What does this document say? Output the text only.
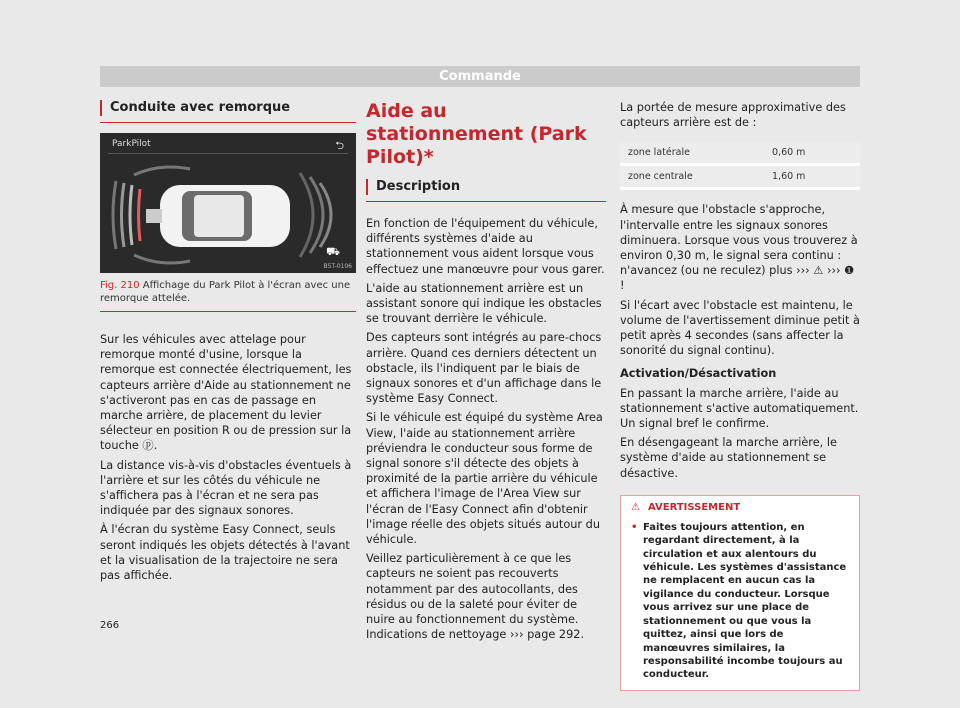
Commande
Conduite avec remorque
ParkPilot	⮌
⛟
B5T-0106
Fig. 210 Affichage du Park Pilot à l'écran avec une remorque attelée.

Sur les véhicules avec attelage pour remorque monté d'usine, lorsque la remorque est connectée électriquement, les capteurs arrière d'Aide au stationnement ne s'activeront pas en cas de passage en marche arrière, de placement du levier sélecteur en position R ou de pression sur la touche ⓟ.

La distance vis-à-vis d'obstacles éventuels à l'arrière et sur les côtés du véhicule ne s'affichera pas à l'écran et ne sera pas indiquée par des signaux sonores.

À l'écran du système Easy Connect, seuls seront indiqués les objets détectés à l'avant et la visualisation de la trajectoire ne sera pas affichée.

Aide au stationnement (Park Pilot)*
Description

En fonction de l'équipement du véhicule, différents systèmes d'aide au stationnement vous aident lorsque vous effectuez une manœuvre pour vous garer.

L'aide au stationnement arrière est un assistant sonore qui indique les obstacles se trouvant derrière le véhicule.

Des capteurs sont intégrés au pare-chocs arrière. Quand ces derniers détectent un obstacle, ils l'indiquent par le biais de signaux sonores et d'un affichage dans le système Easy Connect.

Si le véhicule est équipé du système Area View, l'aide au stationnement arrière préviendra le conducteur sous forme de signal sonore s'il détecte des objets à proximité de la partie arrière du véhicule et affichera l'image de l'Area View sur l'écran de l'Easy Connect afin d'obtenir l'image réelle des objets situés autour du véhicule.

Veillez particulièrement à ce que les capteurs ne soient pas recouverts notamment par des autocollants, des résidus ou de la saleté pour éviter de nuire au fonctionnement du système. Indications de nettoyage ››› page 292.

La portée de mesure approximative des capteurs arrière est de :

zone latérale	0,60 m
zone centrale	1,60 m

À mesure que l'obstacle s'approche, l'intervalle entre les signaux sonores diminuera. Lorsque vous vous trouverez à environ 0,30 m, le signal sera continu : n'avancez (ou ne reculez) plus ››› ⚠ ››› ❶ !

Si l'écart avec l'obstacle est maintenu, le volume de l'avertissement diminue petit à petit après 4 secondes (sans affecter la sonorité du signal continu).

Activation/Désactivation

En passant la marche arrière, l'aide au stationnement s'active automatiquement. Un signal bref le confirme.

En désengageant la marche arrière, le système d'aide au stationnement se désactive.

⚠ AVERTISSEMENT
• Faites toujours attention, en regardant directement, à la circulation et aux alentours du véhicule. Les systèmes d'assistance ne remplacent en aucun cas la vigilance du conducteur. Lorsque vous arrivez sur une place de stationnement ou que vous la quittez, ainsi que lors de manœuvres similaires, la responsabilité incombe toujours au conducteur.
266
